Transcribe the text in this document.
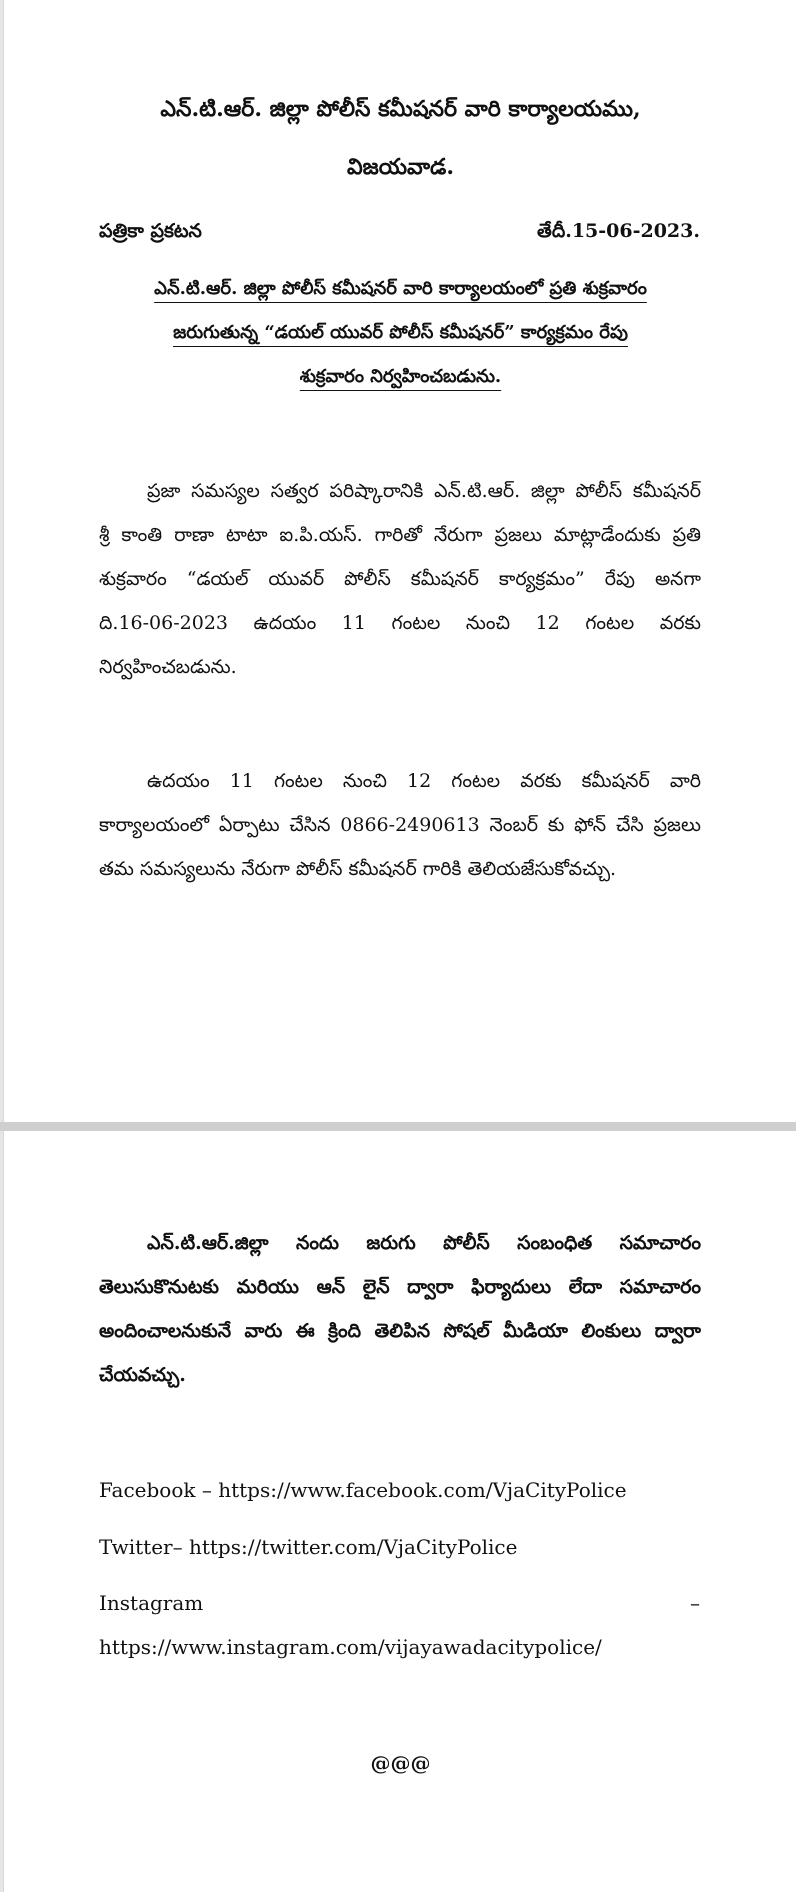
ఎన్.టి.ఆర్. జిల్లా పోలీస్ కమీషనర్ వారి కార్యాలయము,
విజయవాడ.
పత్రికా ప్రకటన	తేదీ.15-06-2023.
ఎన్.టి.ఆర్. జిల్లా పోలీస్ కమీషనర్ వారి కార్యాలయంలో ప్రతి శుక్రవారం
జరుగుతున్న “డయల్ యువర్ పోలీస్ కమీషనర్” కార్యక్రమం రేపు
శుక్రవారం నిర్వహించబడును.
ప్రజా సమస్యల సత్వర పరిష్కారానికి ఎన్.టి.ఆర్. జిల్లా పోలీస్ కమీషనర్
శ్రీ కాంతి రాణా టాటా ఐ.పి.యస్. గారితో నేరుగా ప్రజలు మాట్లాడేందుకు ప్రతి
శుక్రవారం “డయల్ యువర్ పోలీస్ కమీషనర్ కార్యక్రమం” రేపు అనగా
ది.16-06-2023 ఉదయం 11 గంటల నుంచి 12 గంటల వరకు
నిర్వహించబడును.
ఉదయం 11 గంటల నుంచి 12 గంటల వరకు కమీషనర్ వారి
కార్యాలయంలో ఏర్పాటు చేసిన 0866-2490613 నెంబర్ కు ఫోన్ చేసి ప్రజలు
తమ సమస్యలును నేరుగా పోలీస్ కమీషనర్ గారికి తెలియజేసుకోవచ్చు.
ఎన్.టి.ఆర్.జిల్లా నందు జరుగు పోలీస్ సంబంధిత సమాచారం
తెలుసుకొనుటకు మరియు ఆన్ లైన్ ద్వారా ఫిర్యాదులు లేదా సమాచారం
అందించాలనుకునే వారు ఈ క్రింది తెలిపిన సోషల్ మీడియా లింకులు ద్వారా
చేయవచ్చు.
Facebook – https://www.facebook.com/VjaCityPolice
Twitter– https://twitter.com/VjaCityPolice
Instagram	–
https://www.instagram.com/vijayawadacitypolice/
@@@
